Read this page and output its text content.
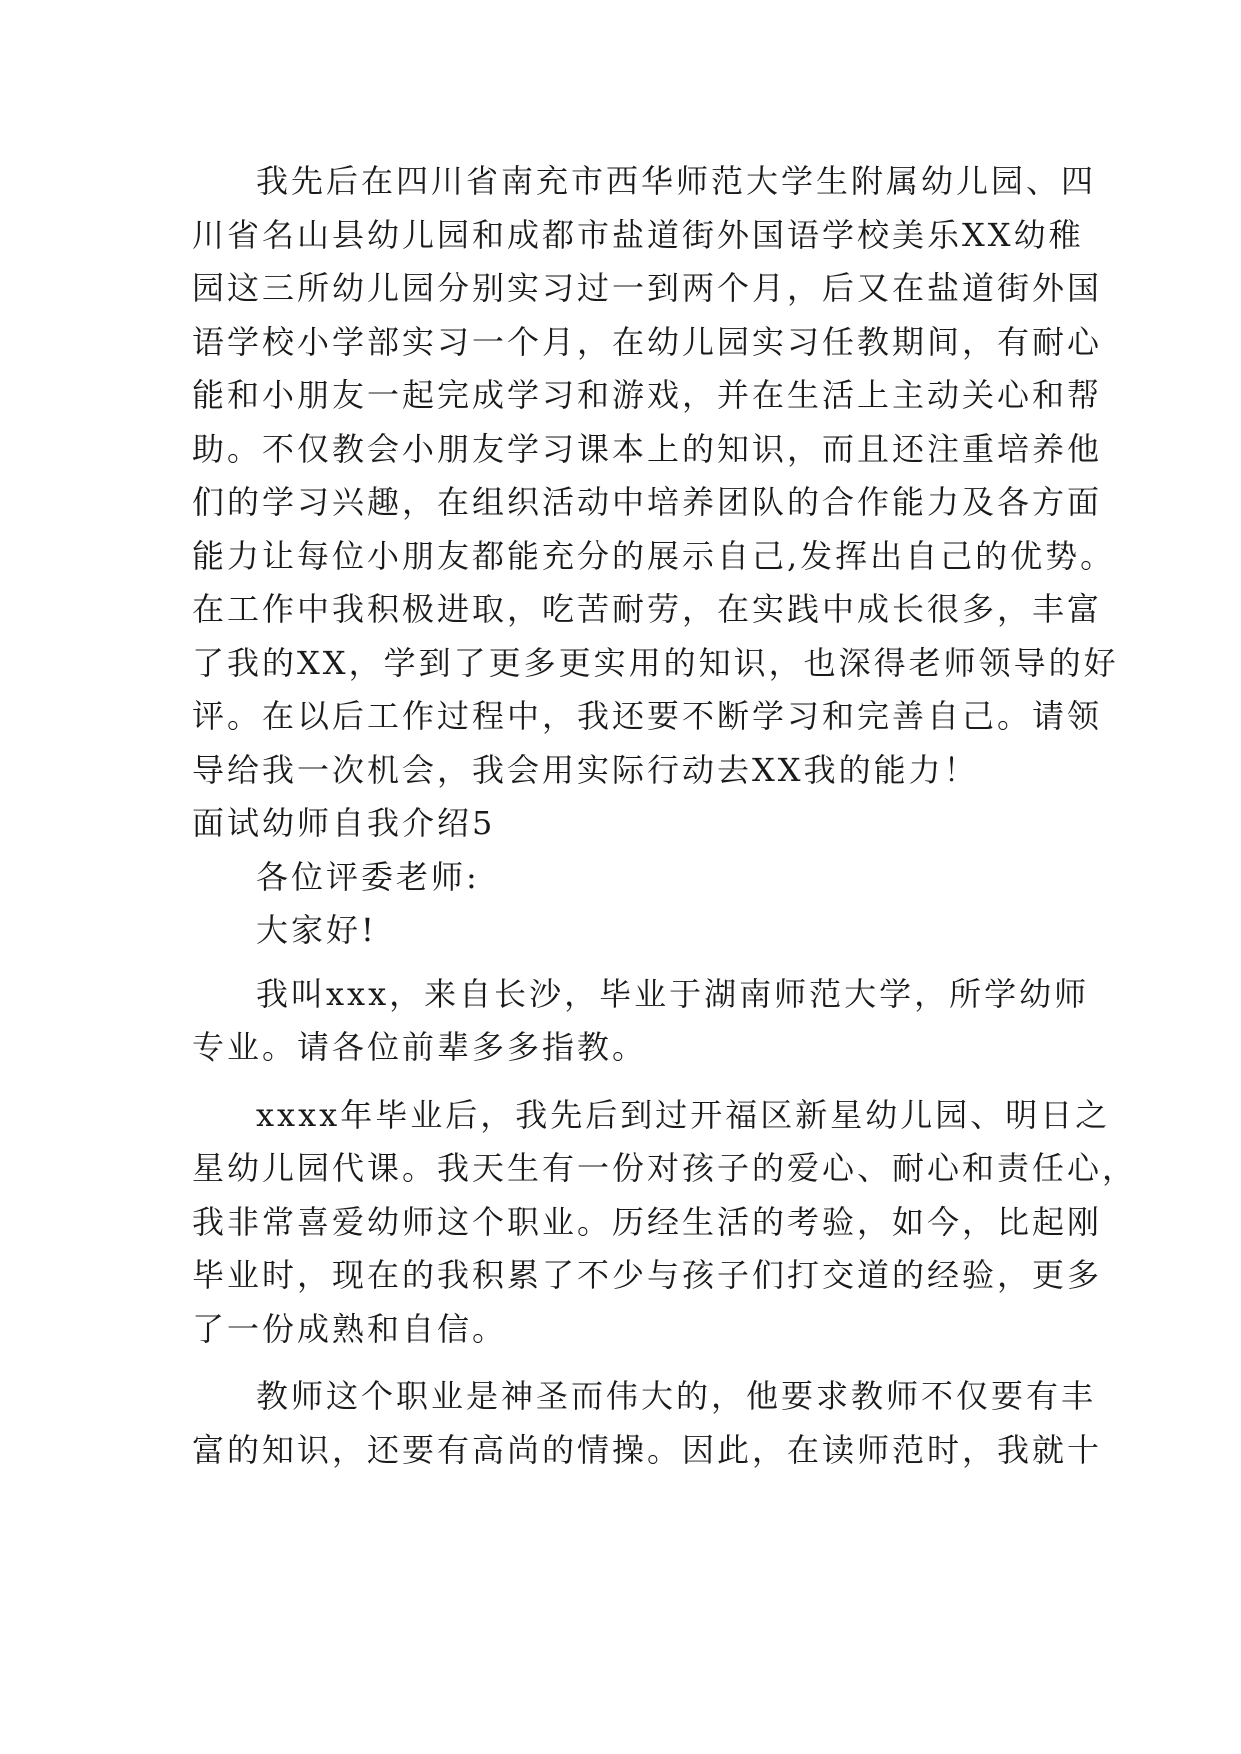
我先后在四川省南充市西华师范大学生附属幼儿园、四
川省名山县幼儿园和成都市盐道街外国语学校美乐XX幼稚
园这三所幼儿园分别实习过一到两个月，后又在盐道街外国
语学校小学部实习一个月，在幼儿园实习任教期间，有耐心
能和小朋友一起完成学习和游戏，并在生活上主动关心和帮
助。不仅教会小朋友学习课本上的知识，而且还注重培养他
们的学习兴趣，在组织活动中培养团队的合作能力及各方面
能力让每位小朋友都能充分的展示自己,发挥出自己的优势。
在工作中我积极进取，吃苦耐劳，在实践中成长很多，丰富
了我的XX，学到了更多更实用的知识，也深得老师领导的好
评。在以后工作过程中，我还要不断学习和完善自己。请领
导给我一次机会，我会用实际行动去XX我的能力！
面试幼师自我介绍5
各位评委老师:
大家好!
我叫xxx，来自长沙，毕业于湖南师范大学，所学幼师
专业。请各位前辈多多指教。
xxxx年毕业后，我先后到过开福区新星幼儿园、明日之
星幼儿园代课。我天生有一份对孩子的爱心、耐心和责任心，
我非常喜爱幼师这个职业。历经生活的考验，如今，比起刚
毕业时，现在的我积累了不少与孩子们打交道的经验，更多
了一份成熟和自信。
教师这个职业是神圣而伟大的，他要求教师不仅要有丰
富的知识，还要有高尚的情操。因此，在读师范时，我就十
